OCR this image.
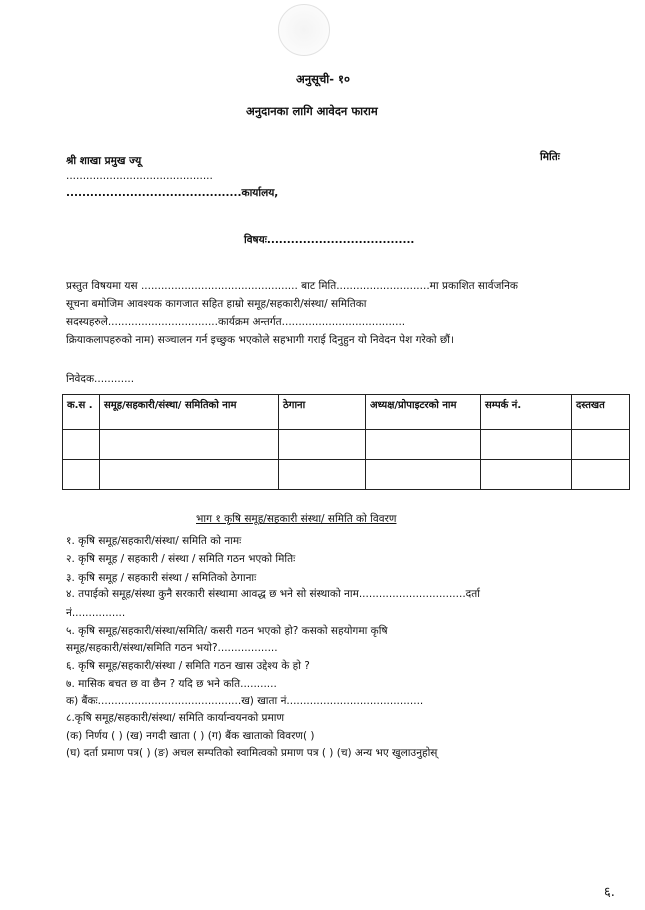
अनुसूची- १०
अनुदानका लागि आवेदन फाराम
श्री शाखा प्रमुख ज्यू	मितिः
............................................
............................................कार्यालय,
विषयः.....................................
प्रस्तुत विषयमा यस ............................................... बाट मिति............................मा प्रकाशित सार्वजनिक
सूचना बमोजिम आवश्यक कागजात सहित हाम्रो समूह/सहकारी/संस्था/ समितिका
सदस्यहरुले.................................कार्यक्रम अन्तर्गत.....................................
क्रियाकलापहरुको नाम) सञ्चालन गर्न इच्छुक भएकोले सहभागी गराई दिनुहुन यो निवेदन पेश गरेको छौं।
निवेदक............
क.स .	समूह/सहकारी/संस्था/ समितिको नाम	ठेगाना	अध्यक्ष/प्रोपाइटरको नाम	सम्पर्क नं.	दस्तखत

भाग १ कृषि समूह/सहकारी संस्था/ समिति को विवरण
१. कृषि समूह/सहकारी/संस्था/ समिति को नामः
२. कृषि समूह / सहकारी / संस्था / समिति गठन भएको मितिः
३. कृषि समूह / सहकारी संस्था / समितिको ठेगानाः
४. तपाईको समूह/संस्था कुनै सरकारी संस्थामा आवद्ध छ भने सो संस्थाको नाम................................दर्ता
नं................
५. कृषि समूह/सहकारी/संस्था/समिति/ कसरी गठन भएको हो? कसको सहयोगमा कृषि
समूह/सहकारी/संस्था/समिति गठन भयो?..................
६. कृषि समूह/सहकारी/संस्था / समिति गठन खास उद्देश्य के हो ?
७. मासिक बचत छ वा छैन ? यदि छ भने कति...........
क) बैंकः...........................................ख) खाता नं.........................................
८.कृषि समूह/सहकारी/संस्था/ समिति कार्यान्वयनको प्रमाण
(क) निर्णय ( ) (ख) नगदी खाता ( ) (ग) बैंक खाताको विवरण( )
(घ) दर्ता प्रमाण पत्र( ) (ङ) अचल सम्पतिको स्वामित्वको प्रमाण पत्र ( ) (च) अन्य भए खुलाउनुहोस्
६.
